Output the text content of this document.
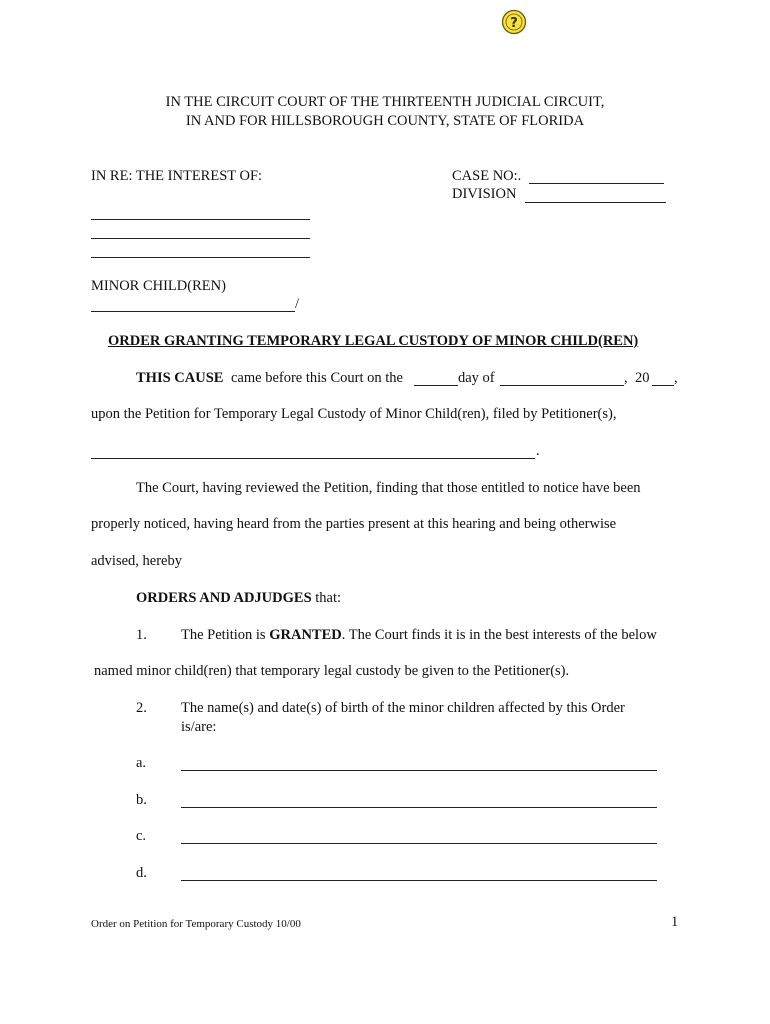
?
IN THE CIRCUIT COURT OF THE THIRTEENTH JUDICIAL CIRCUIT,
IN AND FOR HILLSBOROUGH COUNTY, STATE OF FLORIDA
IN RE: THE INTEREST OF:
MINOR CHILD(REN)
/
CASE NO:.
DIVISION
ORDER GRANTING TEMPORARY LEGAL CUSTODY OF MINOR CHILD(REN)
THIS CAUSE came before this Court on the	day of	, 20 ,
upon the Petition for Temporary Legal Custody of Minor Child(ren), filed by Petitioner(s),
.
The Court, having reviewed the Petition, finding that those entitled to notice have been
properly noticed, having heard from the parties present at this hearing and being otherwise
advised, hereby
ORDERS AND ADJUDGES that:
1. The Petition is GRANTED. The Court finds it is in the best interests of the below
named minor child(ren) that temporary legal custody be given to the Petitioner(s).
2. The name(s) and date(s) of birth of the minor children affected by this Order
is/are:
a.
b.
c.
d.
Order on Petition for Temporary Custody 10/00	1
